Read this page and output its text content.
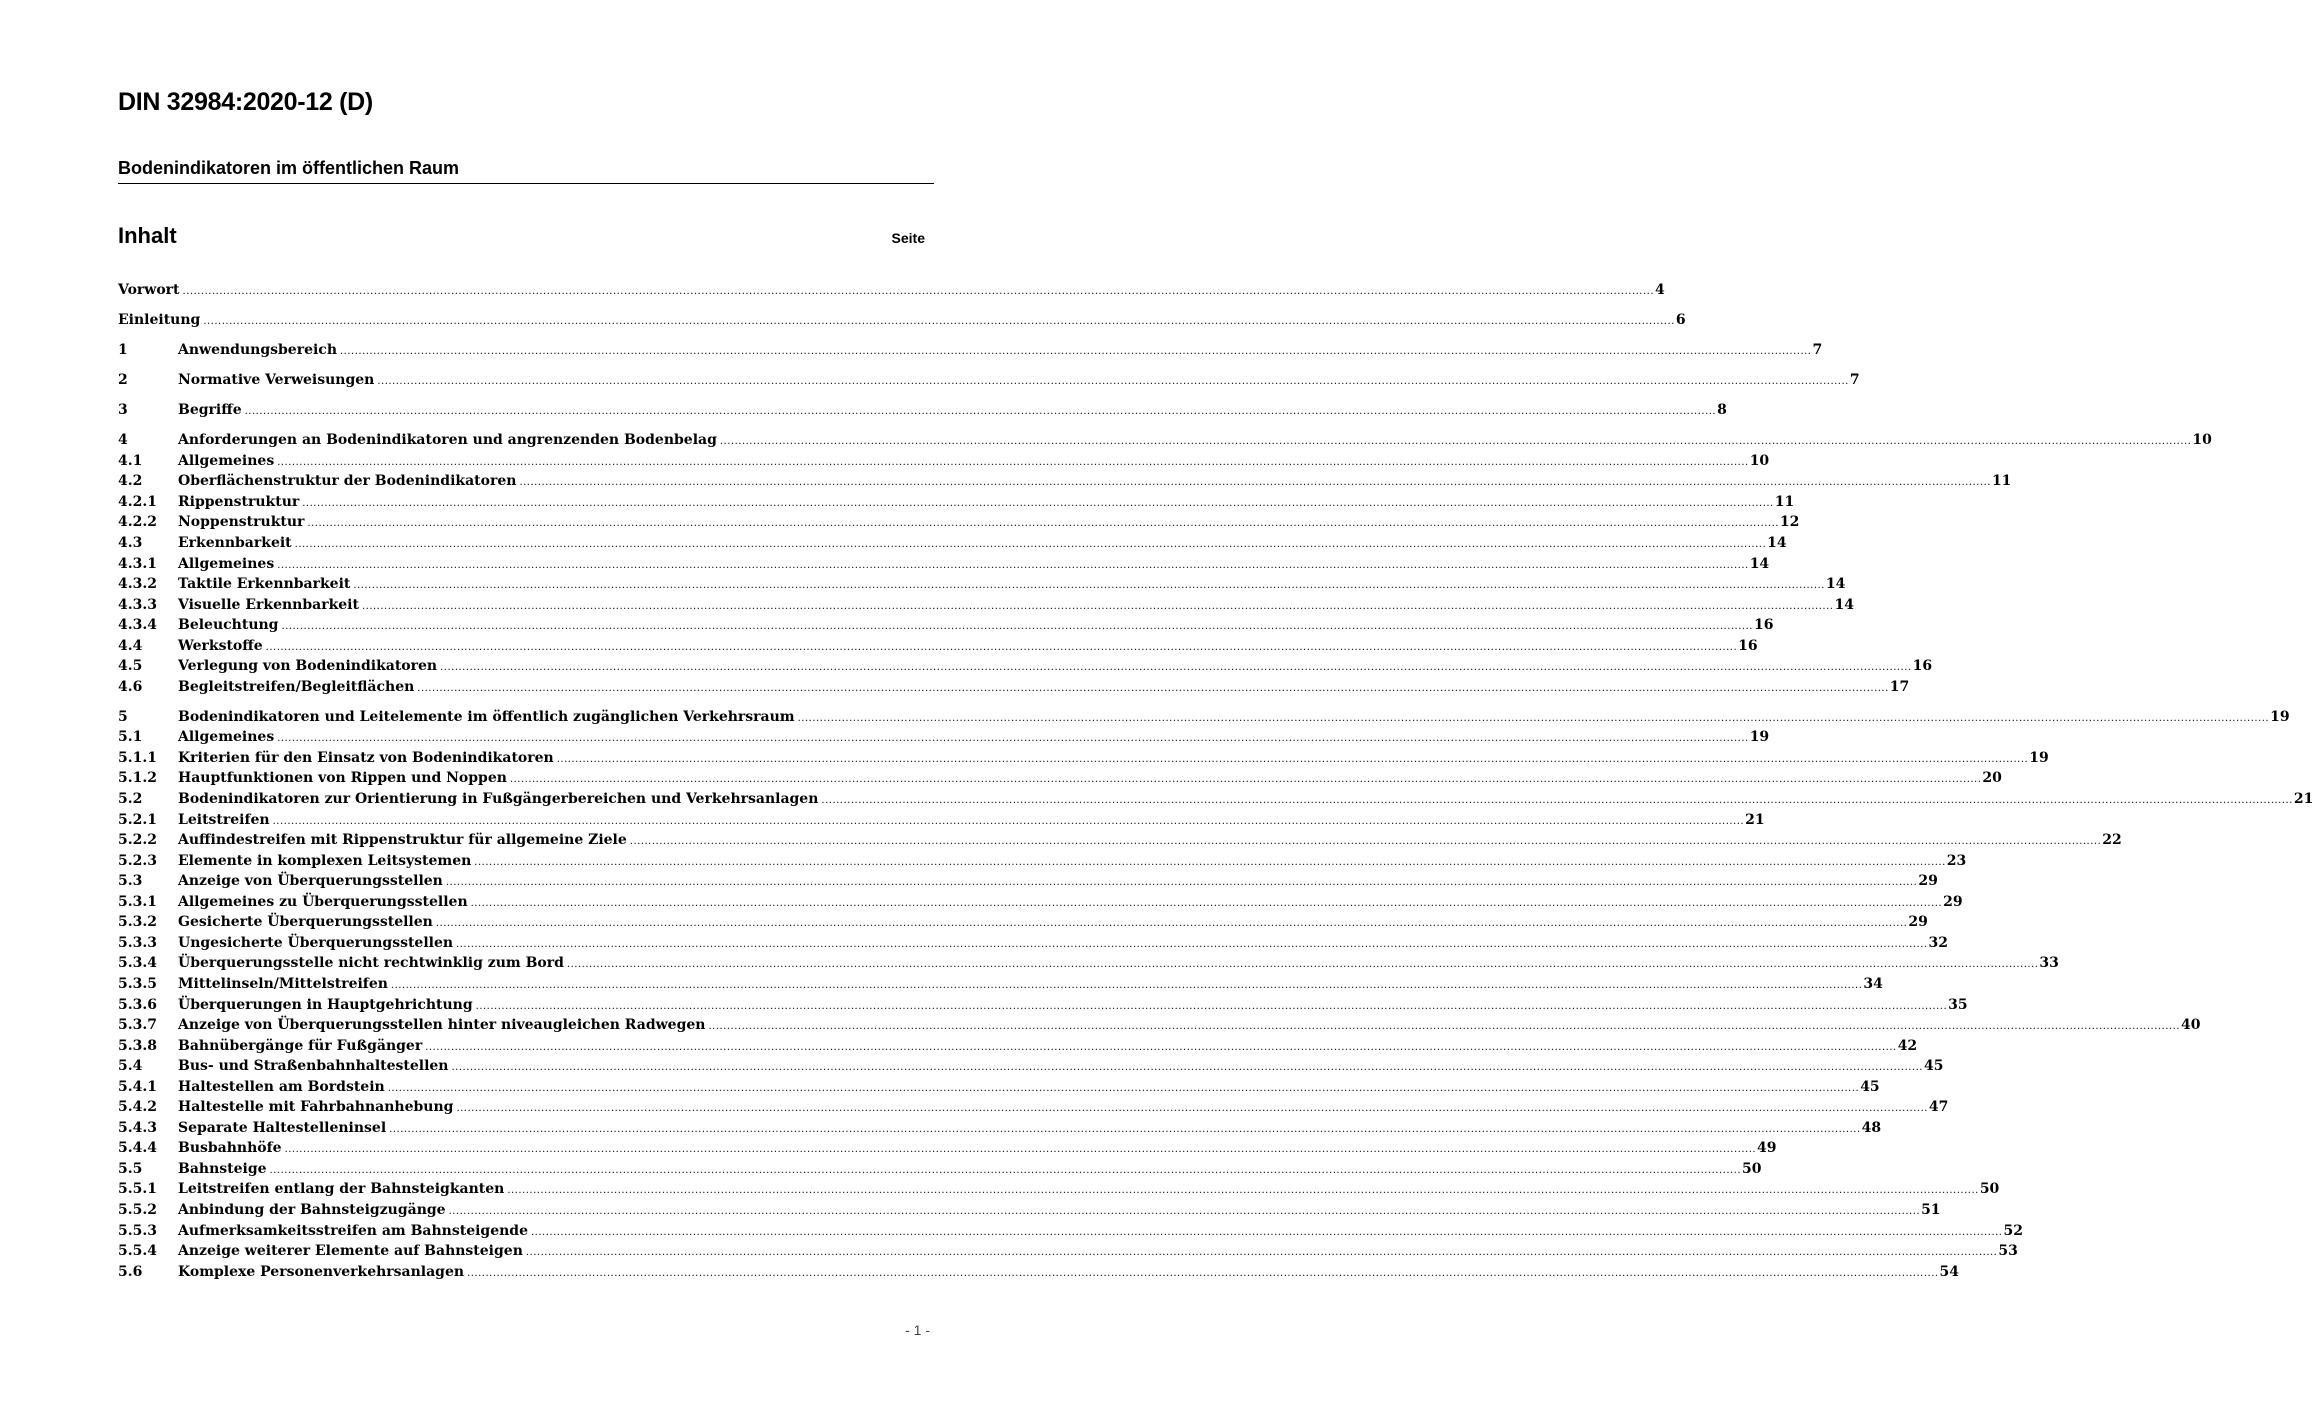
DIN 32984:2020-12 (D)
Bodenindikatoren im öffentlichen Raum
Inhalt	Seite
Vorwort ................................................................................................................................................................................................................................................................................................................................................................................................................ 4
Einleitung ................................................................................................................................................................................................................................................................................................................................................................................................................ 6
1	Anwendungsbereich ................................................................................................................................................................................................................................................................................................................................................................................................................ 7
2	Normative Verweisungen ................................................................................................................................................................................................................................................................................................................................................................................................................ 7
3	Begriffe ................................................................................................................................................................................................................................................................................................................................................................................................................ 8
4	Anforderungen an Bodenindikatoren und angrenzenden Bodenbelag ................................................................................................................................................................................................................................................................................................................................................................................................................ 10
4.1	Allgemeines ................................................................................................................................................................................................................................................................................................................................................................................................................ 10
4.2	Oberflächenstruktur der Bodenindikatoren ................................................................................................................................................................................................................................................................................................................................................................................................................ 11
4.2.1	Rippenstruktur ................................................................................................................................................................................................................................................................................................................................................................................................................ 11
4.2.2	Noppenstruktur ................................................................................................................................................................................................................................................................................................................................................................................................................ 12
4.3	Erkennbarkeit ................................................................................................................................................................................................................................................................................................................................................................................................................ 14
4.3.1	Allgemeines ................................................................................................................................................................................................................................................................................................................................................................................................................ 14
4.3.2	Taktile Erkennbarkeit ................................................................................................................................................................................................................................................................................................................................................................................................................ 14
4.3.3	Visuelle Erkennbarkeit ................................................................................................................................................................................................................................................................................................................................................................................................................ 14
4.3.4	Beleuchtung ................................................................................................................................................................................................................................................................................................................................................................................................................ 16
4.4	Werkstoffe ................................................................................................................................................................................................................................................................................................................................................................................................................ 16
4.5	Verlegung von Bodenindikatoren ................................................................................................................................................................................................................................................................................................................................................................................................................ 16
4.6	Begleitstreifen/Begleitflächen ................................................................................................................................................................................................................................................................................................................................................................................................................ 17
5	Bodenindikatoren und Leitelemente im öffentlich zugänglichen Verkehrsraum ................................................................................................................................................................................................................................................................................................................................................................................................................ 19
5.1	Allgemeines ................................................................................................................................................................................................................................................................................................................................................................................................................ 19
5.1.1	Kriterien für den Einsatz von Bodenindikatoren ................................................................................................................................................................................................................................................................................................................................................................................................................ 19
5.1.2	Hauptfunktionen von Rippen und Noppen ................................................................................................................................................................................................................................................................................................................................................................................................................ 20
5.2	Bodenindikatoren zur Orientierung in Fußgängerbereichen und Verkehrsanlagen ................................................................................................................................................................................................................................................................................................................................................................................................................ 21
5.2.1	Leitstreifen ................................................................................................................................................................................................................................................................................................................................................................................................................ 21
5.2.2	Auffindestreifen mit Rippenstruktur für allgemeine Ziele ................................................................................................................................................................................................................................................................................................................................................................................................................ 22
5.2.3	Elemente in komplexen Leitsystemen ................................................................................................................................................................................................................................................................................................................................................................................................................ 23
5.3	Anzeige von Überquerungsstellen ................................................................................................................................................................................................................................................................................................................................................................................................................ 29
5.3.1	Allgemeines zu Überquerungsstellen ................................................................................................................................................................................................................................................................................................................................................................................................................ 29
5.3.2	Gesicherte Überquerungsstellen ................................................................................................................................................................................................................................................................................................................................................................................................................ 29
5.3.3	Ungesicherte Überquerungsstellen ................................................................................................................................................................................................................................................................................................................................................................................................................ 32
5.3.4	Überquerungsstelle nicht rechtwinklig zum Bord ................................................................................................................................................................................................................................................................................................................................................................................................................ 33
5.3.5	Mittelinseln/Mittelstreifen ................................................................................................................................................................................................................................................................................................................................................................................................................ 34
5.3.6	Überquerungen in Hauptgehrichtung ................................................................................................................................................................................................................................................................................................................................................................................................................ 35
5.3.7	Anzeige von Überquerungsstellen hinter niveaugleichen Radwegen ................................................................................................................................................................................................................................................................................................................................................................................................................ 40
5.3.8	Bahnübergänge für Fußgänger ................................................................................................................................................................................................................................................................................................................................................................................................................ 42
5.4	Bus- und Straßenbahnhaltestellen ................................................................................................................................................................................................................................................................................................................................................................................................................ 45
5.4.1	Haltestellen am Bordstein ................................................................................................................................................................................................................................................................................................................................................................................................................ 45
5.4.2	Haltestelle mit Fahrbahnanhebung ................................................................................................................................................................................................................................................................................................................................................................................................................ 47
5.4.3	Separate Haltestelleninsel ................................................................................................................................................................................................................................................................................................................................................................................................................ 48
5.4.4	Busbahnhöfe ................................................................................................................................................................................................................................................................................................................................................................................................................ 49
5.5	Bahnsteige ................................................................................................................................................................................................................................................................................................................................................................................................................ 50
5.5.1	Leitstreifen entlang der Bahnsteigkanten ................................................................................................................................................................................................................................................................................................................................................................................................................ 50
5.5.2	Anbindung der Bahnsteigzugänge ................................................................................................................................................................................................................................................................................................................................................................................................................ 51
5.5.3	Aufmerksamkeitsstreifen am Bahnsteigende ................................................................................................................................................................................................................................................................................................................................................................................................................ 52
5.5.4	Anzeige weiterer Elemente auf Bahnsteigen ................................................................................................................................................................................................................................................................................................................................................................................................................ 53
5.6	Komplexe Personenverkehrsanlagen ................................................................................................................................................................................................................................................................................................................................................................................................................ 54
- 1 -
